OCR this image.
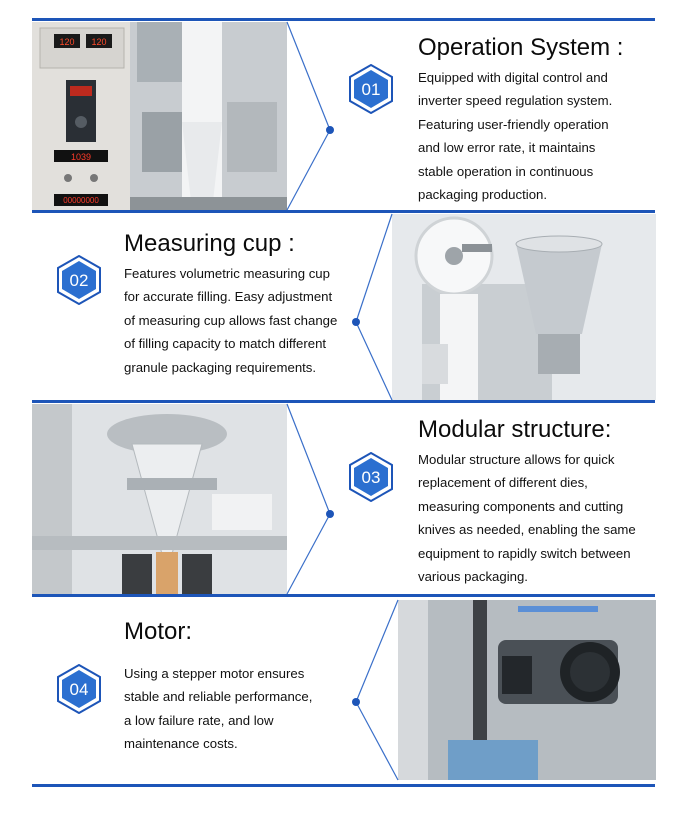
120 120
1039
00000000
Operation System :
Equipped with digital control and
inverter speed regulation system.
Featuring user-friendly operation
and low error rate, it maintains
stable operation in continuous
packaging production.
01
Measuring cup :
Features volumetric measuring cup
for accurate filling. Easy adjustment
of measuring cup allows fast change
of filling capacity to match different
granule packaging requirements.
02
Modular structure:
Modular structure allows for quick
replacement of different dies,
measuring components and cutting
knives as needed, enabling the same
equipment to rapidly switch between
various packaging.
03
Motor:
Using a stepper motor ensures
stable and reliable performance,
a low failure rate, and low
maintenance costs.
04
